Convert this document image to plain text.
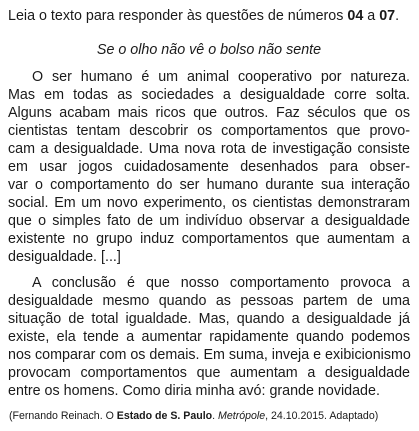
Leia o texto para responder às questões de números 04 a 07.

Se o olho não vê o bolso não sente

O ser humano é um animal cooperativo por natureza.
Mas em todas as sociedades a desigualdade corre solta.
Alguns acabam mais ricos que outros. Faz séculos que os
cientistas tentam descobrir os comportamentos que provo-
cam a desigualdade. Uma nova rota de investigação consiste
em usar jogos cuidadosamente desenhados para obser-
var o comportamento do ser humano durante sua interação
social. Em um novo experimento, os cientistas demonstraram
que o simples fato de um indivíduo observar a desigualdade
existente no grupo induz comportamentos que aumentam a
desigualdade. [...]
A conclusão é que nosso comportamento provoca a
desigualdade mesmo quando as pessoas partem de uma
situação de total igualdade. Mas, quando a desigualdade já
existe, ela tende a aumentar rapidamente quando podemos
nos comparar com os demais. Em suma, inveja e exibicionismo
provocam comportamentos que aumentam a desigualdade
entre os homens. Como diria minha avó: grande novidade.

(Fernando Reinach. O Estado de S. Paulo. Metrópole, 24.10.2015. Adaptado)
